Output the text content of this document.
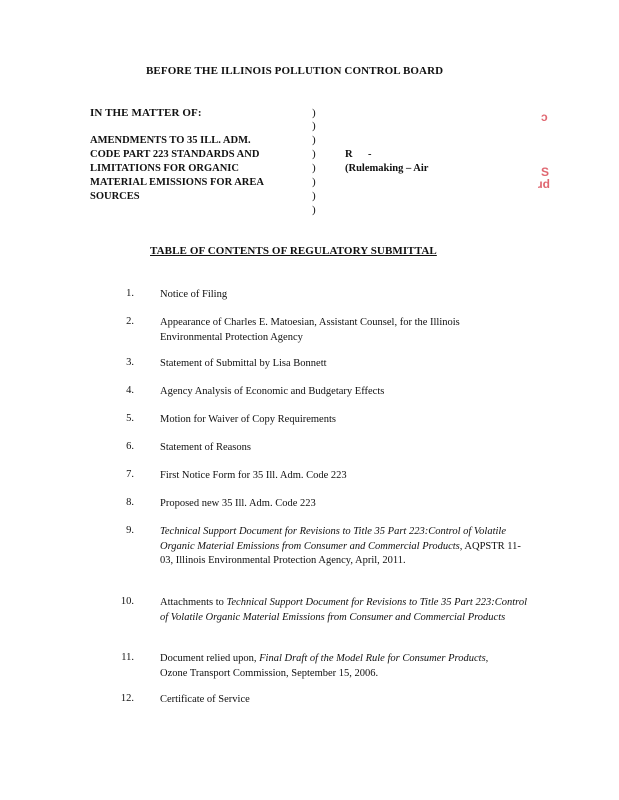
BEFORE THE ILLINOIS POLLUTION CONTROL BOARD
IN THE MATTER OF:
AMENDMENTS TO 35 ILL. ADM.
CODE PART 223 STANDARDS AND
LIMITATIONS FOR ORGANIC
MATERIAL EMISSIONS FOR AREA
SOURCES
)
)
)
)
)
)
)
)
R -
(Rulemaking – Air
ɔ
S
ɹd
TABLE OF CONTENTS OF REGULATORY SUBMITTAL
1. Notice of Filing
2. Appearance of Charles E. Matoesian, Assistant Counsel, for the Illinois Environmental Protection Agency
3. Statement of Submittal by Lisa Bonnett
4. Agency Analysis of Economic and Budgetary Effects
5. Motion for Waiver of Copy Requirements
6. Statement of Reasons
7. First Notice Form for 35 Ill. Adm. Code 223
8. Proposed new 35 Ill. Adm. Code 223
9. Technical Support Document for Revisions to Title 35 Part 223:Control of Volatile Organic Material Emissions from Consumer and Commercial Products, AQPSTR 11-03, Illinois Environmental Protection Agency, April, 2011.
10. Attachments to Technical Support Document for Revisions to Title 35 Part 223:Control of Volatile Organic Material Emissions from Consumer and Commercial Products
11. Document relied upon, Final Draft of the Model Rule for Consumer Products, Ozone Transport Commission, September 15, 2006.
12. Certificate of Service
